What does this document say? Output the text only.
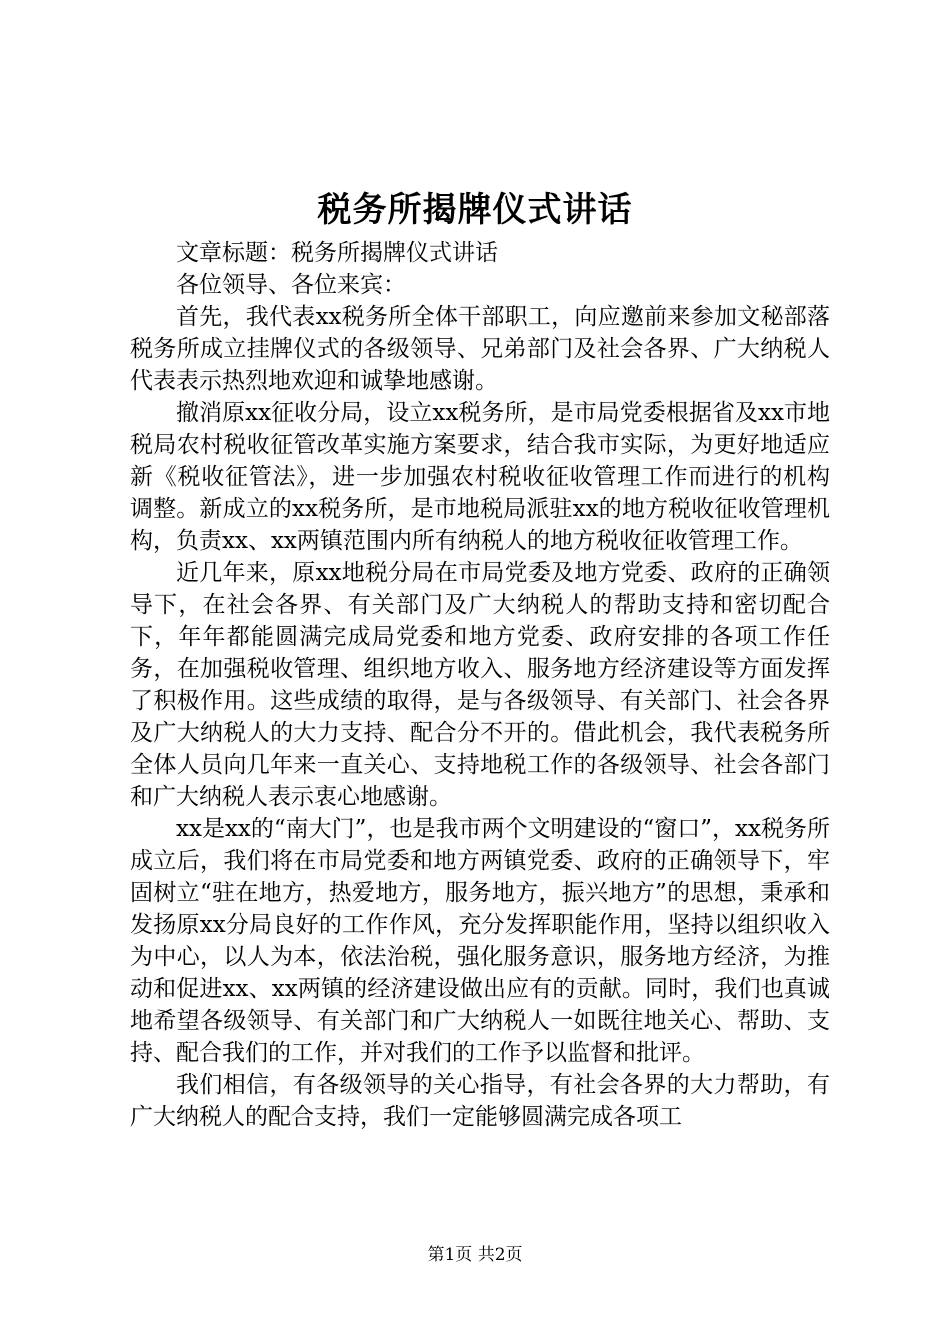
税务所揭牌仪式讲话

文章标题：税务所揭牌仪式讲话

各位领导、各位来宾：

首先，我代表xx税务所全体干部职工，向应邀前来参加文秘部落税务所成立挂牌仪式的各级领导、兄弟部门及社会各界、广大纳税人代表表示热烈地欢迎和诚挚地感谢。

撤消原xx征收分局，设立xx税务所，是市局党委根据省及xx市地税局农村税收征管改革实施方案要求，结合我市实际，为更好地适应新《税收征管法》，进一步加强农村税收征收管理工作而进行的机构调整。新成立的xx税务所，是市地税局派驻xx的地方税收征收管理机构，负责xx、xx两镇范围内所有纳税人的地方税收征收管理工作。

近几年来，原xx地税分局在市局党委及地方党委、政府的正确领导下，在社会各界、有关部门及广大纳税人的帮助支持和密切配合下，年年都能圆满完成局党委和地方党委、政府安排的各项工作任务，在加强税收管理、组织地方收入、服务地方经济建设等方面发挥了积极作用。这些成绩的取得，是与各级领导、有关部门、社会各界及广大纳税人的大力支持、配合分不开的。借此机会，我代表税务所全体人员向几年来一直关心、支持地税工作的各级领导、社会各部门和广大纳税人表示衷心地感谢。

xx是xx的“南大门”，也是我市两个文明建设的“窗口”，xx税务所成立后，我们将在市局党委和地方两镇党委、政府的正确领导下，牢固树立“驻在地方，热爱地方，服务地方，振兴地方”的思想，秉承和发扬原xx分局良好的工作作风，充分发挥职能作用，坚持以组织收入为中心，以人为本，依法治税，强化服务意识，服务地方经济，为推动和促进xx、xx两镇的经济建设做出应有的贡献。同时，我们也真诚地希望各级领导、有关部门和广大纳税人一如既往地关心、帮助、支持、配合我们的工作，并对我们的工作予以监督和批评。

我们相信，有各级领导的关心指导，有社会各界的大力帮助，有广大纳税人的配合支持，我们一定能够圆满完成各项工

第1页 共2页
